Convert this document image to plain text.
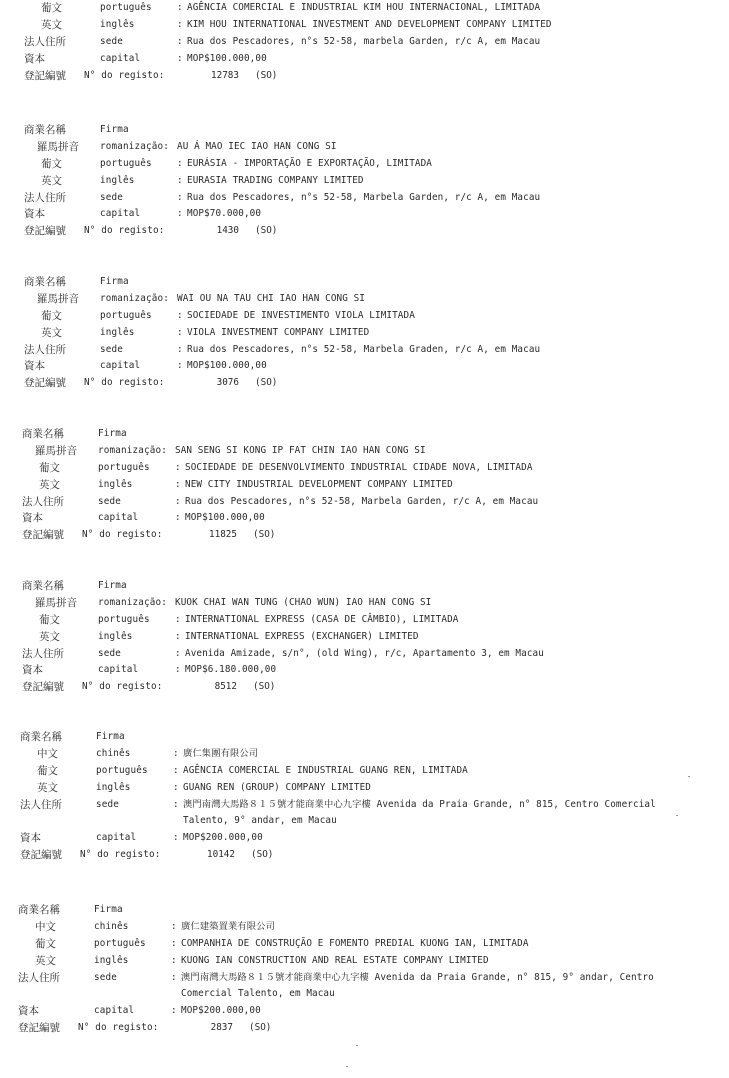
葡文	português	: AGÊNCIA COMERCIAL E INDUSTRIAL KIM HOU INTERNACIONAL, LIMITADA
英文	inglês	: KIM HOU INTERNATIONAL INVESTMENT AND DEVELOPMENT COMPANY LIMITED
法人住所	sede	: Rua dos Pescadores, n°s 52-58, marbela Garden, r/c A, em Macau
資本	capital	: MOP$100.000,00
登記編號 N° do registo:	12783 (SO)
商業名稱	Firma
羅馬拼音 romanização: AU Á MAO IEC IAO HAN CONG SI
葡文	português	: EURÁSIA - IMPORTAÇÃO E EXPORTAÇÃO, LIMITADA
英文	inglês	: EURASIA TRADING COMPANY LIMITED
法人住所	sede	: Rua dos Pescadores, n°s 52-58, Marbela Garden, r/c A, em Macau
資本	capital	: MOP$70.000,00
登記編號 N° do registo:	1430 (SO)
商業名稱	Firma
羅馬拼音 romanização: WAI OU NA TAU CHI IAO HAN CONG SI
葡文	português	: SOCIEDADE DE INVESTIMENTO VIOLA LIMITADA
英文	inglês	: VIOLA INVESTMENT COMPANY LIMITED
法人住所	sede	: Rua dos Pescadores, n°s 52-58, Marbela Graden, r/c A, em Macau
資本	capital	: MOP$100.000,00
登記編號 N° do registo:	3076 (SO)
商業名稱	Firma
羅馬拼音 romanização: SAN SENG SI KONG IP FAT CHIN IAO HAN CONG SI
葡文	português	: SOCIEDADE DE DESENVOLVIMENTO INDUSTRIAL CIDADE NOVA, LIMITADA
英文	inglês	: NEW CITY INDUSTRIAL DEVELOPMENT COMPANY LIMITED
法人住所	sede	: Rua dos Pescadores, n°s 52-58, Marbela Garden, r/c A, em Macau
資本	capital	: MOP$100.000,00
登記編號 N° do registo:	11825 (SO)
商業名稱	Firma
羅馬拼音 romanização: KUOK CHAI WAN TUNG (CHAO WUN) IAO HAN CONG SI
葡文	português	: INTERNATIONAL EXPRESS (CASA DE CÂMBIO), LIMITADA
英文	inglês	: INTERNATIONAL EXPRESS (EXCHANGER) LIMITED
法人住所	sede	: Avenida Amizade, s/n°, (old Wing), r/c, Apartamento 3, em Macau
資本	capital	: MOP$6.180.000,00
登記編號 N° do registo:	8512 (SO)
商業名稱	Firma
中文	chinês	: 廣仁集團有限公司
葡文	português	: AGÊNCIA COMERCIAL E INDUSTRIAL GUANG REN, LIMITADA
英文	inglês	: GUANG REN (GROUP) COMPANY LIMITED
法人住所	sede	: 澳門南灣大馬路８１５號才能商業中心九字樓 Avenida da Praia Grande, n° 815, Centro Comercial Talento, 9° andar, em Macau
資本	capital	: MOP$200.000,00
登記編號 N° do registo:	10142 (SO)
商業名稱	Firma
中文	chinês	: 廣仁建築置業有限公司
葡文	português	: COMPANHIA DE CONSTRUÇÃO E FOMENTO PREDIAL KUONG IAN, LIMITADA
英文	inglês	: KUONG IAN CONSTRUCTION AND REAL ESTATE COMPANY LIMITED
法人住所	sede	: 澳門南灣大馬路８１５號才能商業中心九字樓 Avenida da Praia Grande, n° 815, 9° andar, Centro Comercial Talento, em Macau
資本	capital	: MOP$200.000,00
登記編號 N° do registo:	2837 (SO)
